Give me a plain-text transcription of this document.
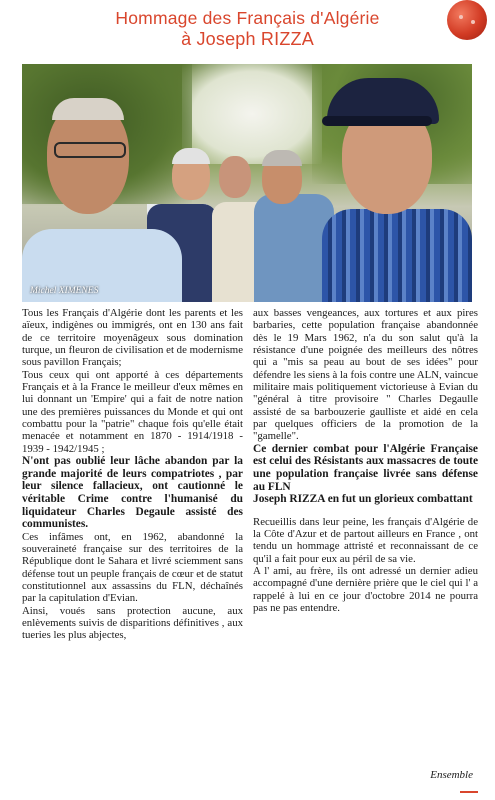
Hommage des Français d'Algérie
à Joseph RIZZA
Michel XIMENES

Tous les Français d'Algérie dont les parents et les aïeux, indigènes ou immigrés, ont en 130 ans fait de ce territoire moyenâgeux sous domination turque, un fleuron de civilisation et de modernisme sous pavillon Français;

Tous ceux qui ont apporté à ces départements Français et à la France le meilleur d'eux mêmes en lui donnant un 'Empire' qui a fait de notre nation une des premières puissances du Monde et qui ont combattu pour la "patrie" chaque fois qu'elle était menacée et notamment en 1870 - 1914/1918 - 1939 - 1942/1945 ;

N'ont pas oublié leur lâche abandon par la grande majorité de leurs compatriotes , par leur silence fallacieux, ont cautionné le véritable Crime contre l'humanisé du liquidateur Charles Degaule assisté des communistes.

Ces infâmes ont, en 1962, abandonné la souveraineté française sur des territoires de la République dont le Sahara et livré sciemment sans défense tout un peuple français de cœur et de statut constitutionnel aux assassins du FLN, déchaînés par la capitulation d'Evian.

Ainsi, voués sans protection aucune, aux enlèvements suivis de disparitions définitives , aux tueries les plus abjectes,

aux basses vengeances, aux tortures et aux pires barbaries, cette population française abandonnée dès le 19 Mars 1962, n'a du son salut qu'à la résistance d'une poignée des meilleurs des nôtres qui a "mis sa peau au bout de ses idées" pour défendre les siens à la fois contre une ALN, vaincue militaire mais politiquement victorieuse à Evian du "général à titre provisoire " Charles Degaulle assisté de sa barbouzerie gaulliste et aidé en cela par quelques officiers de la promotion de la "gamelle".

Ce dernier combat pour l'Algérie Française est celui des Résistants aux massacres de toute une population française livrée sans défense au FLN

Joseph RIZZA en fut un glorieux combattant

Recueillis dans leur peine, les français d'Algérie de la Côte d'Azur et de partout ailleurs en France , ont tendu un hommage attristé et reconnaissant de ce qu'il a fait pour eux au péril de sa vie.

A l' ami, au frère, ils ont adressé un dernier adieu accompagné d'une dernière prière que le ciel qui l' a rappelé à lui en ce jour d'octobre 2014 ne pourra pas ne pas entendre.

Ensemble
